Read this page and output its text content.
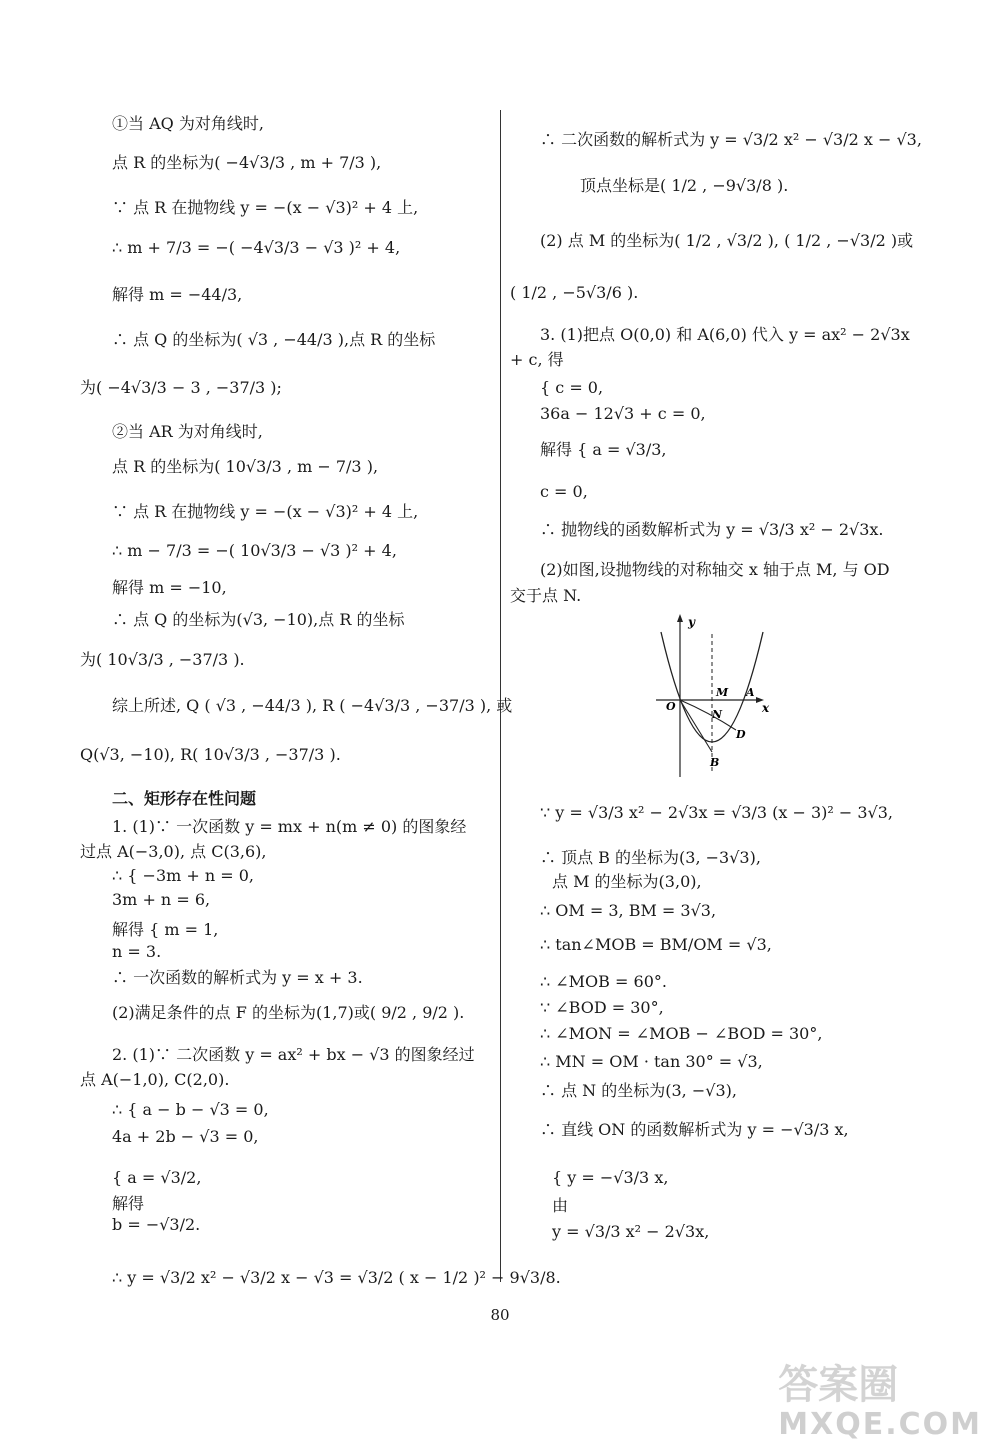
y
x
O
M A
N
D
B
80
答案圈
MXQE.COM
①当 AQ 为对角线时,
点 R 的坐标为( −4√3/3 , m + 7/3 ),
∵ 点 R 在抛物线 y = −(x − √3)² + 4 上,
∴ m + 7/3 = −( −4√3/3 − √3 )² + 4,
解得 m = −44/3,
∴ 点 Q 的坐标为( √3 , −44/3 ),点 R 的坐标
为( −4√3/3 − 3 , −37/3 );
②当 AR 为对角线时,
点 R 的坐标为( 10√3/3 , m − 7/3 ),
∵ 点 R 在抛物线 y = −(x − √3)² + 4 上,
∴ m − 7/3 = −( 10√3/3 − √3 )² + 4,
解得 m = −10,
∴ 点 Q 的坐标为(√3, −10),点 R 的坐标
为( 10√3/3 , −37/3 ).
综上所述, Q ( √3 , −44/3 ), R ( −4√3/3 , −37/3 ), 或
Q(√3, −10), R( 10√3/3 , −37/3 ).
二、矩形存在性问题
1. (1)∵ 一次函数 y = mx + n(m ≠ 0) 的图象经
过点 A(−3,0), 点 C(3,6),
∴ { −3m + n = 0,
3m + n = 6,
解得 { m = 1,
n = 3.
∴ 一次函数的解析式为 y = x + 3.
(2)满足条件的点 F 的坐标为(1,7)或( 9/2 , 9/2 ).
2. (1)∵ 二次函数 y = ax² + bx − √3 的图象经过
点 A(−1,0), C(2,0).
∴ { a − b − √3 = 0,
4a + 2b − √3 = 0,
{ a = √3/2,
解得
b = −√3/2.
∴ y = √3/2 x² − √3/2 x − √3 = √3/2 ( x − 1/2 )² − 9√3/8.
∴ 二次函数的解析式为 y = √3/2 x² − √3/2 x − √3,
顶点坐标是( 1/2 , −9√3/8 ).
(2) 点 M 的坐标为( 1/2 , √3/2 ), ( 1/2 , −√3/2 )或
( 1/2 , −5√3/6 ).
3. (1)把点 O(0,0) 和 A(6,0) 代入 y = ax² − 2√3x
+ c, 得
{ c = 0,
36a − 12√3 + c = 0,
解得 { a = √3/3,
c = 0,
∴ 抛物线的函数解析式为 y = √3/3 x² − 2√3x.
(2)如图,设抛物线的对称轴交 x 轴于点 M, 与 OD
交于点 N.
∵ y = √3/3 x² − 2√3x = √3/3 (x − 3)² − 3√3,
∴ 顶点 B 的坐标为(3, −3√3),
点 M 的坐标为(3,0),
∴ OM = 3, BM = 3√3,
∴ tan∠MOB = BM/OM = √3,
∴ ∠MOB = 60°.
∵ ∠BOD = 30°,
∴ ∠MON = ∠MOB − ∠BOD = 30°,
∴ MN = OM · tan 30° = √3,
∴ 点 N 的坐标为(3, −√3),
∴ 直线 ON 的函数解析式为 y = −√3/3 x,
{ y = −√3/3 x,
由
y = √3/3 x² − 2√3x,
